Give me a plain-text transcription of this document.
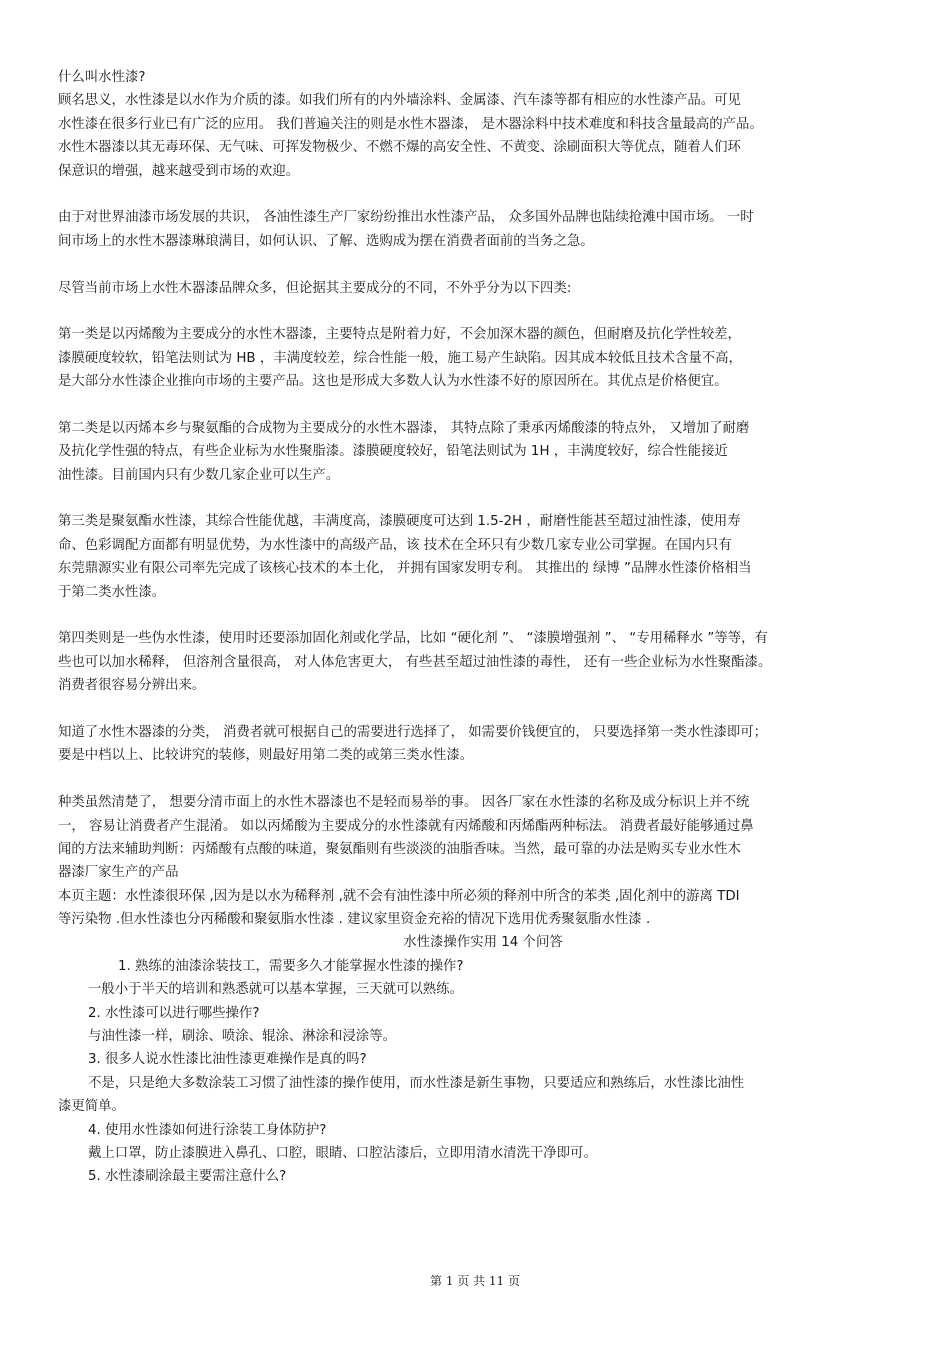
什么叫水性漆?
顾名思义，水性漆是以水作为介质的漆。如我们所有的内外墙涂料、金属漆、汽车漆等都有相应的水性漆产品。可见
水性漆在很多行业已有广泛的应用。 我们普遍关注的则是水性木器漆， 是木器涂料中技术难度和科技含量最高的产品。
水性木器漆以其无毒环保、无气味、可挥发物极少、不燃不爆的高安全性、不黄变、涂刷面积大等优点，随着人们环
保意识的增强，越来越受到市场的欢迎。
由于对世界油漆市场发展的共识， 各油性漆生产厂家纷纷推出水性漆产品， 众多国外品牌也陆续抢滩中国市场。 一时
间市场上的水性木器漆琳琅满目，如何认识、了解、选购成为摆在消费者面前的当务之急。
尽管当前市场上水性木器漆品牌众多，但论据其主要成分的不同，不外乎分为以下四类:
第一类是以丙烯酸为主要成分的水性木器漆，主要特点是附着力好，不会加深木器的颜色，但耐磨及抗化学性较差，
漆膜硬度较软，铅笔法则试为 HB ，丰满度较差，综合性能一般，施工易产生缺陷。因其成本较低且技术含量不高，
是大部分水性漆企业推向市场的主要产品。这也是形成大多数人认为水性漆不好的原因所在。其优点是价格便宜。
第二类是以丙烯本乡与聚氨酯的合成物为主要成分的水性木器漆， 其特点除了秉承丙烯酸漆的特点外， 又增加了耐磨
及抗化学性强的特点，有些企业标为水性聚脂漆。漆膜硬度较好，铅笔法则试为 1H ，丰满度较好，综合性能接近
油性漆。目前国内只有少数几家企业可以生产。
第三类是聚氨酯水性漆，其综合性能优越，丰满度高，漆膜硬度可达到 1.5-2H ，耐磨性能甚至超过油性漆，使用寿
命、色彩调配方面都有明显优势，为水性漆中的高级产品，该 技术在全环只有少数几家专业公司掌握。在国内只有
东莞鼎源实业有限公司率先完成了该核心技术的本土化， 并拥有国家发明专利。 其推出的 绿博 ”品牌水性漆价格相当
于第二类水性漆。
第四类则是一些伪水性漆，使用时还要添加固化剂或化学品，比如 “硬化剂 ”、 “漆膜增强剂 ”、 “专用稀释水 ”等等，有
些也可以加水稀释， 但溶剂含量很高， 对人体危害更大， 有些甚至超过油性漆的毒性， 还有一些企业标为水性聚酯漆。
消费者很容易分辨出来。
知道了水性木器漆的分类， 消费者就可根据自己的需要进行选择了， 如需要价钱便宜的， 只要选择第一类水性漆即可；
要是中档以上、比较讲究的装修，则最好用第二类的或第三类水性漆。
种类虽然清楚了， 想要分清市面上的水性木器漆也不是轻而易举的事。 因各厂家在水性漆的名称及成分标识上并不统
一， 容易让消费者产生混淆。 如以丙烯酸为主要成分的水性漆就有丙烯酸和丙烯酯两种标法。 消费者最好能够通过鼻
闻的方法来辅助判断：丙烯酸有点酸的味道，聚氨酯则有些淡淡的油脂香味。当然，最可靠的办法是购买专业水性木
器漆厂家生产的产品
本页主题：水性漆很环保 ,因为是以水为稀释剂 ,就不会有油性漆中所必须的释剂中所含的苯类 ,固化剂中的游离 TDI
等污染物 .但水性漆也分丙稀酸和聚氨脂水性漆 . 建议家里资金充裕的情况下选用优秀聚氨脂水性漆 .
水性漆操作实用 14 个问答
1. 熟练的油漆涂装技工，需要多久才能掌握水性漆的操作?
一般小于半天的培训和熟悉就可以基本掌握，三天就可以熟练。
2. 水性漆可以进行哪些操作?
与油性漆一样，刷涂、喷涂、辊涂、淋涂和浸涂等。
3. 很多人说水性漆比油性漆更难操作是真的吗?
不是，只是绝大多数涂装工习惯了油性漆的操作使用，而水性漆是新生事物，只要适应和熟练后，水性漆比油性
漆更简单。
4. 使用水性漆如何进行涂装工身体防护?
戴上口罩，防止漆膜进入鼻孔、口腔，眼睛、口腔沾漆后，立即用清水清洗干净即可。
5. 水性漆刷涂最主要需注意什么?
第 1 页 共 11 页
